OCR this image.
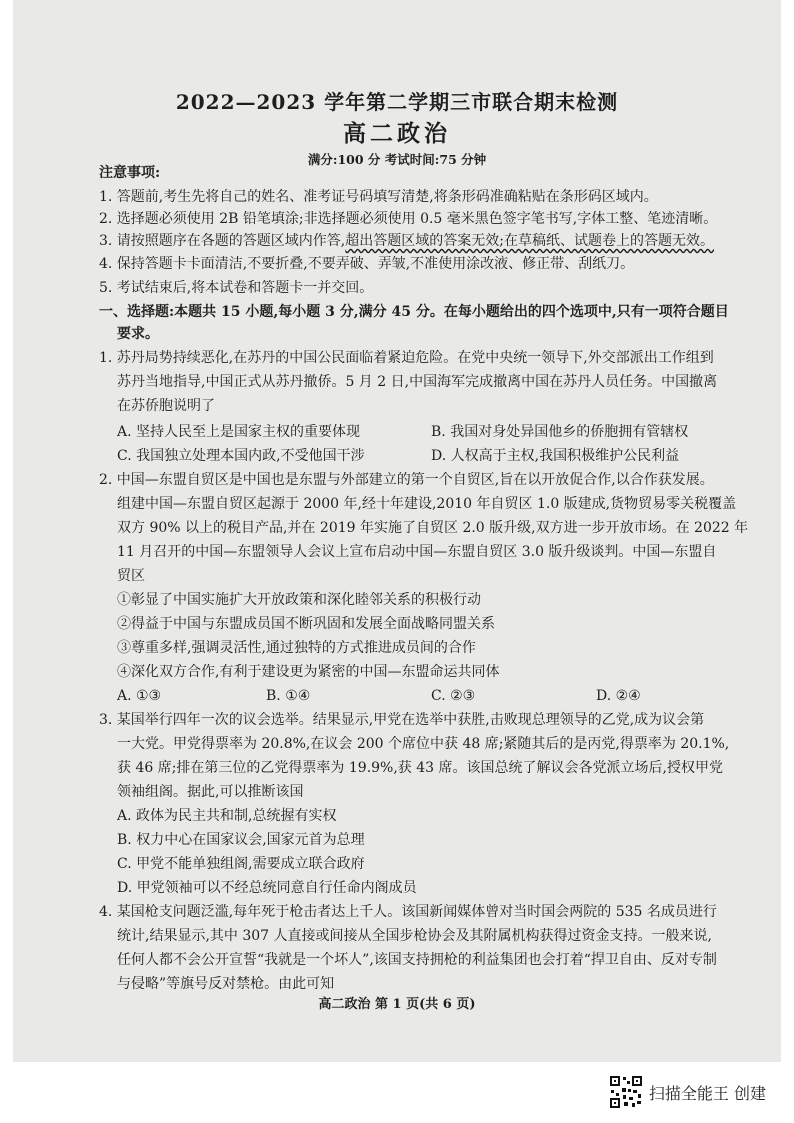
2022—2023 学年第二学期三市联合期末检测
高二政治
满分:100 分 考试时间:75 分钟
注意事项:
1. 答题前,考生先将自己的姓名、准考证号码填写清楚,将条形码准确粘贴在条形码区域内。
2. 选择题必须使用 2B 铅笔填涂;非选择题必须使用 0.5 毫米黑色签字笔书写,字体工整、笔迹清晰。
3. 请按照题序在各题的答题区域内作答,超出答题区域的答案无效;在草稿纸、试题卷上的答题无效。
4. 保持答题卡卡面清洁,不要折叠,不要弄破、弄皱,不准使用涂改液、修正带、刮纸刀。
5. 考试结束后,将本试卷和答题卡一并交回。
一、选择题:本题共 15 小题,每小题 3 分,满分 45 分。在每小题给出的四个选项中,只有一项符合题目
要求。
1. 苏丹局势持续恶化,在苏丹的中国公民面临着紧迫危险。在党中央统一领导下,外交部派出工作组到
苏丹当地指导,中国正式从苏丹撤侨。5 月 2 日,中国海军完成撤离中国在苏丹人员任务。中国撤离
在苏侨胞说明了
A. 坚持人民至上是国家主权的重要体现	B. 我国对身处异国他乡的侨胞拥有管辖权
C. 我国独立处理本国内政,不受他国干涉	D. 人权高于主权,我国积极维护公民利益
2. 中国—东盟自贸区是中国也是东盟与外部建立的第一个自贸区,旨在以开放促合作,以合作获发展。
组建中国—东盟自贸区起源于 2000 年,经十年建设,2010 年自贸区 1.0 版建成,货物贸易零关税覆盖
双方 90% 以上的税目产品,并在 2019 年实施了自贸区 2.0 版升级,双方进一步开放市场。在 2022 年
11 月召开的中国—东盟领导人会议上宣布启动中国—东盟自贸区 3.0 版升级谈判。中国—东盟自
贸区
①彰显了中国实施扩大开放政策和深化睦邻关系的积极行动
②得益于中国与东盟成员国不断巩固和发展全面战略同盟关系
③尊重多样,强调灵活性,通过独特的方式推进成员间的合作
④深化双方合作,有利于建设更为紧密的中国—东盟命运共同体
A. ①③	B. ①④	C. ②③	D. ②④
3. 某国举行四年一次的议会选举。结果显示,甲党在选举中获胜,击败现总理领导的乙党,成为议会第
一大党。甲党得票率为 20.8%,在议会 200 个席位中获 48 席;紧随其后的是丙党,得票率为 20.1%,
获 46 席;排在第三位的乙党得票率为 19.9%,获 43 席。该国总统了解议会各党派立场后,授权甲党
领袖组阁。据此,可以推断该国
A. 政体为民主共和制,总统握有实权
B. 权力中心在国家议会,国家元首为总理
C. 甲党不能单独组阁,需要成立联合政府
D. 甲党领袖可以不经总统同意自行任命内阁成员
4. 某国枪支问题泛滥,每年死于枪击者达上千人。该国新闻媒体曾对当时国会两院的 535 名成员进行
统计,结果显示,其中 307 人直接或间接从全国步枪协会及其附属机构获得过资金支持。一般来说,
任何人都不会公开宣誓“我就是一个坏人”,该国支持拥枪的利益集团也会打着“捍卫自由、反对专制
与侵略”等旗号反对禁枪。由此可知
高二政治 第 1 页(共 6 页)
扫描全能王 创建
